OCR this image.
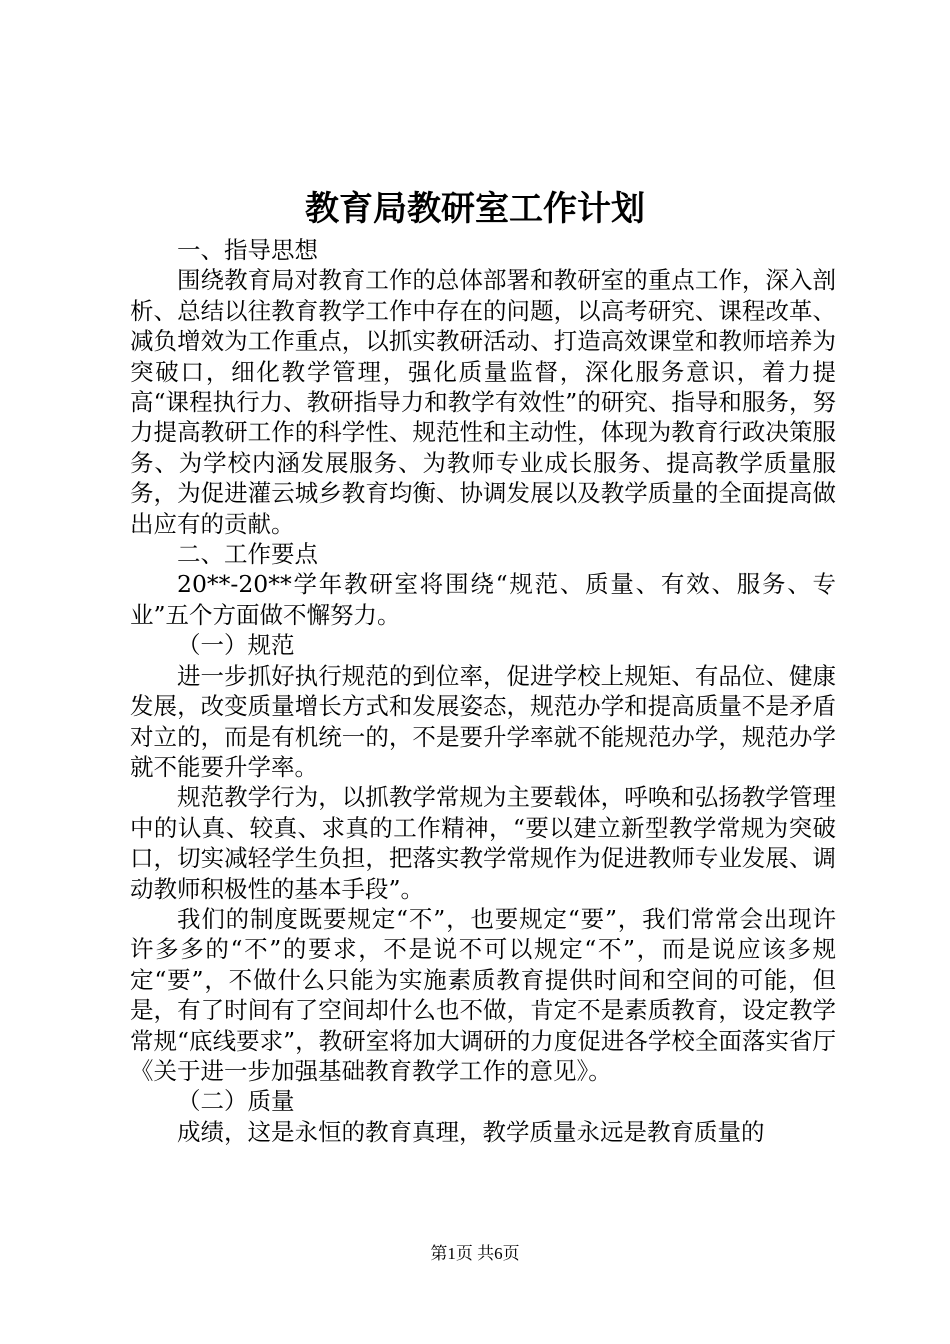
教育局教研室工作计划
一、指导思想
围绕教育局对教育工作的总体部署和教研室的重点工作，深入剖析、总结以往教育教学工作中存在的问题，以高考研究、课程改革、减负增效为工作重点，以抓实教研活动、打造高效课堂和教师培养为突破口，细化教学管理，强化质量监督，深化服务意识，着力提高“课程执行力、教研指导力和教学有效性”的研究、指导和服务，努力提高教研工作的科学性、规范性和主动性，体现为教育行政决策服务、为学校内涵发展服务、为教师专业成长服务、提高教学质量服务，为促进灌云城乡教育均衡、协调发展以及教学质量的全面提高做出应有的贡献。
二、工作要点
20**-20**学年教研室将围绕“规范、质量、有效、服务、专业”五个方面做不懈努力。
（一）规范
进一步抓好执行规范的到位率，促进学校上规矩、有品位、健康发展，改变质量增长方式和发展姿态，规范办学和提高质量不是矛盾对立的，而是有机统一的，不是要升学率就不能规范办学，规范办学就不能要升学率。
规范教学行为，以抓教学常规为主要载体，呼唤和弘扬教学管理中的认真、较真、求真的工作精神，“要以建立新型教学常规为突破口，切实减轻学生负担，把落实教学常规作为促进教师专业发展、调动教师积极性的基本手段”。
我们的制度既要规定“不”，也要规定“要”，我们常常会出现许许多多的“不”的要求，不是说不可以规定“不”，而是说应该多规定“要”，不做什么只能为实施素质教育提供时间和空间的可能，但是，有了时间有了空间却什么也不做，肯定不是素质教育，设定教学常规“底线要求”，教研室将加大调研的力度促进各学校全面落实省厅《关于进一步加强基础教育教学工作的意见》。
（二）质量
成绩，这是永恒的教育真理，教学质量永远是教育质量的
第1页 共6页
